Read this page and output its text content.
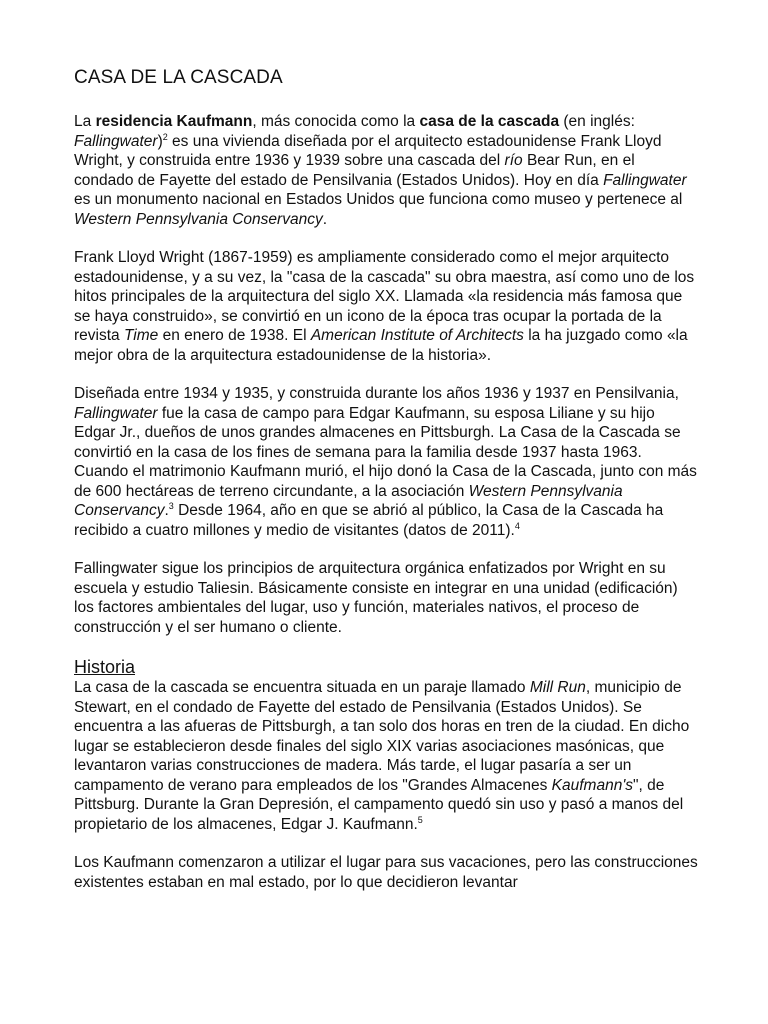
CASA DE LA CASCADA

La residencia Kaufmann, más conocida como la casa de la cascada (en inglés: Fallingwater)$^2$ es una vivienda diseñada por el arquitecto estadounidense Frank Lloyd Wright, y construida entre 1936 y 1939 sobre una cascada del río Bear Run, en el condado de Fayette del estado de Pensilvania (Estados Unidos). Hoy en día Fallingwater es un monumento nacional en Estados Unidos que funciona como museo y pertenece al Western Pennsylvania Conservancy.

Frank Lloyd Wright (1867-1959) es ampliamente considerado como el mejor arquitecto estadounidense, y a su vez, la "casa de la cascada" su obra maestra, así como uno de los hitos principales de la arquitectura del siglo XX. Llamada «la residencia más famosa que se haya construido», se convirtió en un icono de la época tras ocupar la portada de la revista Time en enero de 1938. El American Institute of Architects la ha juzgado como «la mejor obra de la arquitectura estadounidense de la historia».

Diseñada entre 1934 y 1935, y construida durante los años 1936 y 1937 en Pensilvania, Fallingwater fue la casa de campo para Edgar Kaufmann, su esposa Liliane y su hijo Edgar Jr., dueños de unos grandes almacenes en Pittsburgh. La Casa de la Cascada se convirtió en la casa de los fines de semana para la familia desde 1937 hasta 1963. Cuando el matrimonio Kaufmann murió, el hijo donó la Casa de la Cascada, junto con más de 600 hectáreas de terreno circundante, a la asociación Western Pennsylvania Conservancy.$^3$ Desde 1964, año en que se abrió al público, la Casa de la Cascada ha recibido a cuatro millones y medio de visitantes (datos de 2011).$^4$

Fallingwater sigue los principios de arquitectura orgánica enfatizados por Wright en su escuela y estudio Taliesin. Básicamente consiste en integrar en una unidad (edificación) los factores ambientales del lugar, uso y función, materiales nativos, el proceso de construcción y el ser humano o cliente.

Historia

La casa de la cascada se encuentra situada en un paraje llamado Mill Run, municipio de Stewart, en el condado de Fayette del estado de Pensilvania (Estados Unidos). Se encuentra a las afueras de Pittsburgh, a tan solo dos horas en tren de la ciudad. En dicho lugar se establecieron desde finales del siglo XIX varias asociaciones masónicas, que levantaron varias construcciones de madera. Más tarde, el lugar pasaría a ser un campamento de verano para empleados de los "Grandes Almacenes Kaufmann's", de Pittsburg. Durante la Gran Depresión, el campamento quedó sin uso y pasó a manos del propietario de los almacenes, Edgar J. Kaufmann.$^5$

Los Kaufmann comenzaron a utilizar el lugar para sus vacaciones, pero las construcciones existentes estaban en mal estado, por lo que decidieron levantar
